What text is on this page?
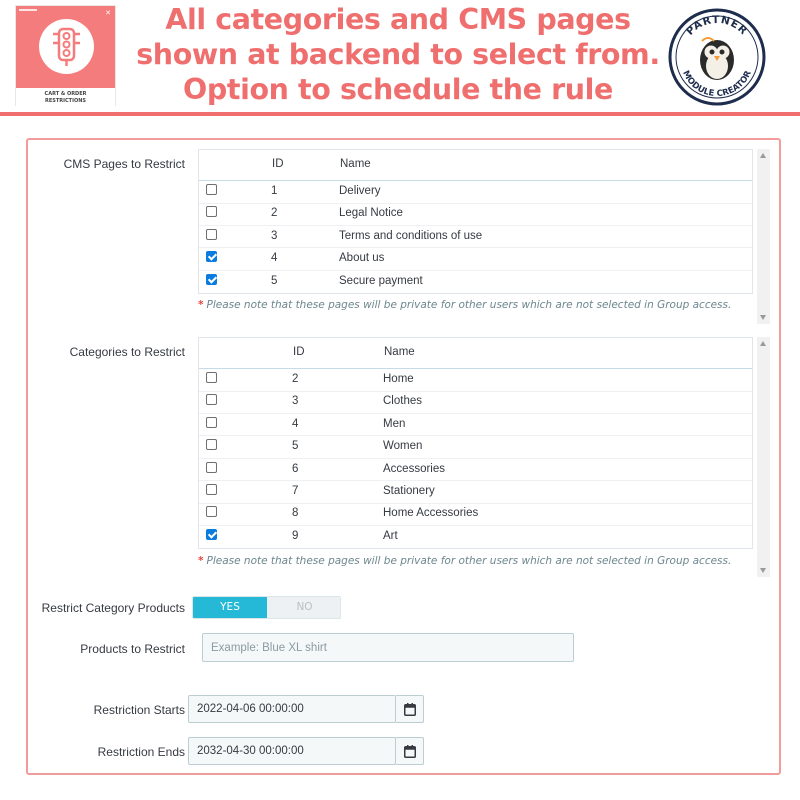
✕
CART & ORDER
RESTRICTIONS
All categories and CMS pages
shown at backend to select from.
Option to schedule the rule
PARTNER
MODULE CREATOR
CMS Pages to Restrict	ID	Name
1	Delivery
2	Legal Notice
3	Terms and conditions of use
4	About us
5	Secure payment
* Please note that these pages will be private for other users which are not selected in Group access.
Categories to Restrict	ID	Name
2	Home
3	Clothes
4	Men
5	Women
6	Accessories
7	Stationery
8	Home Accessories
9	Art
* Please note that these pages will be private for other users which are not selected in Group access.
Restrict Category Products	YES	NO
Products to Restrict
Example: Blue XL shirt
Restriction Starts
2022-04-06 00:00:00
Restriction Ends
2032-04-30 00:00:00
